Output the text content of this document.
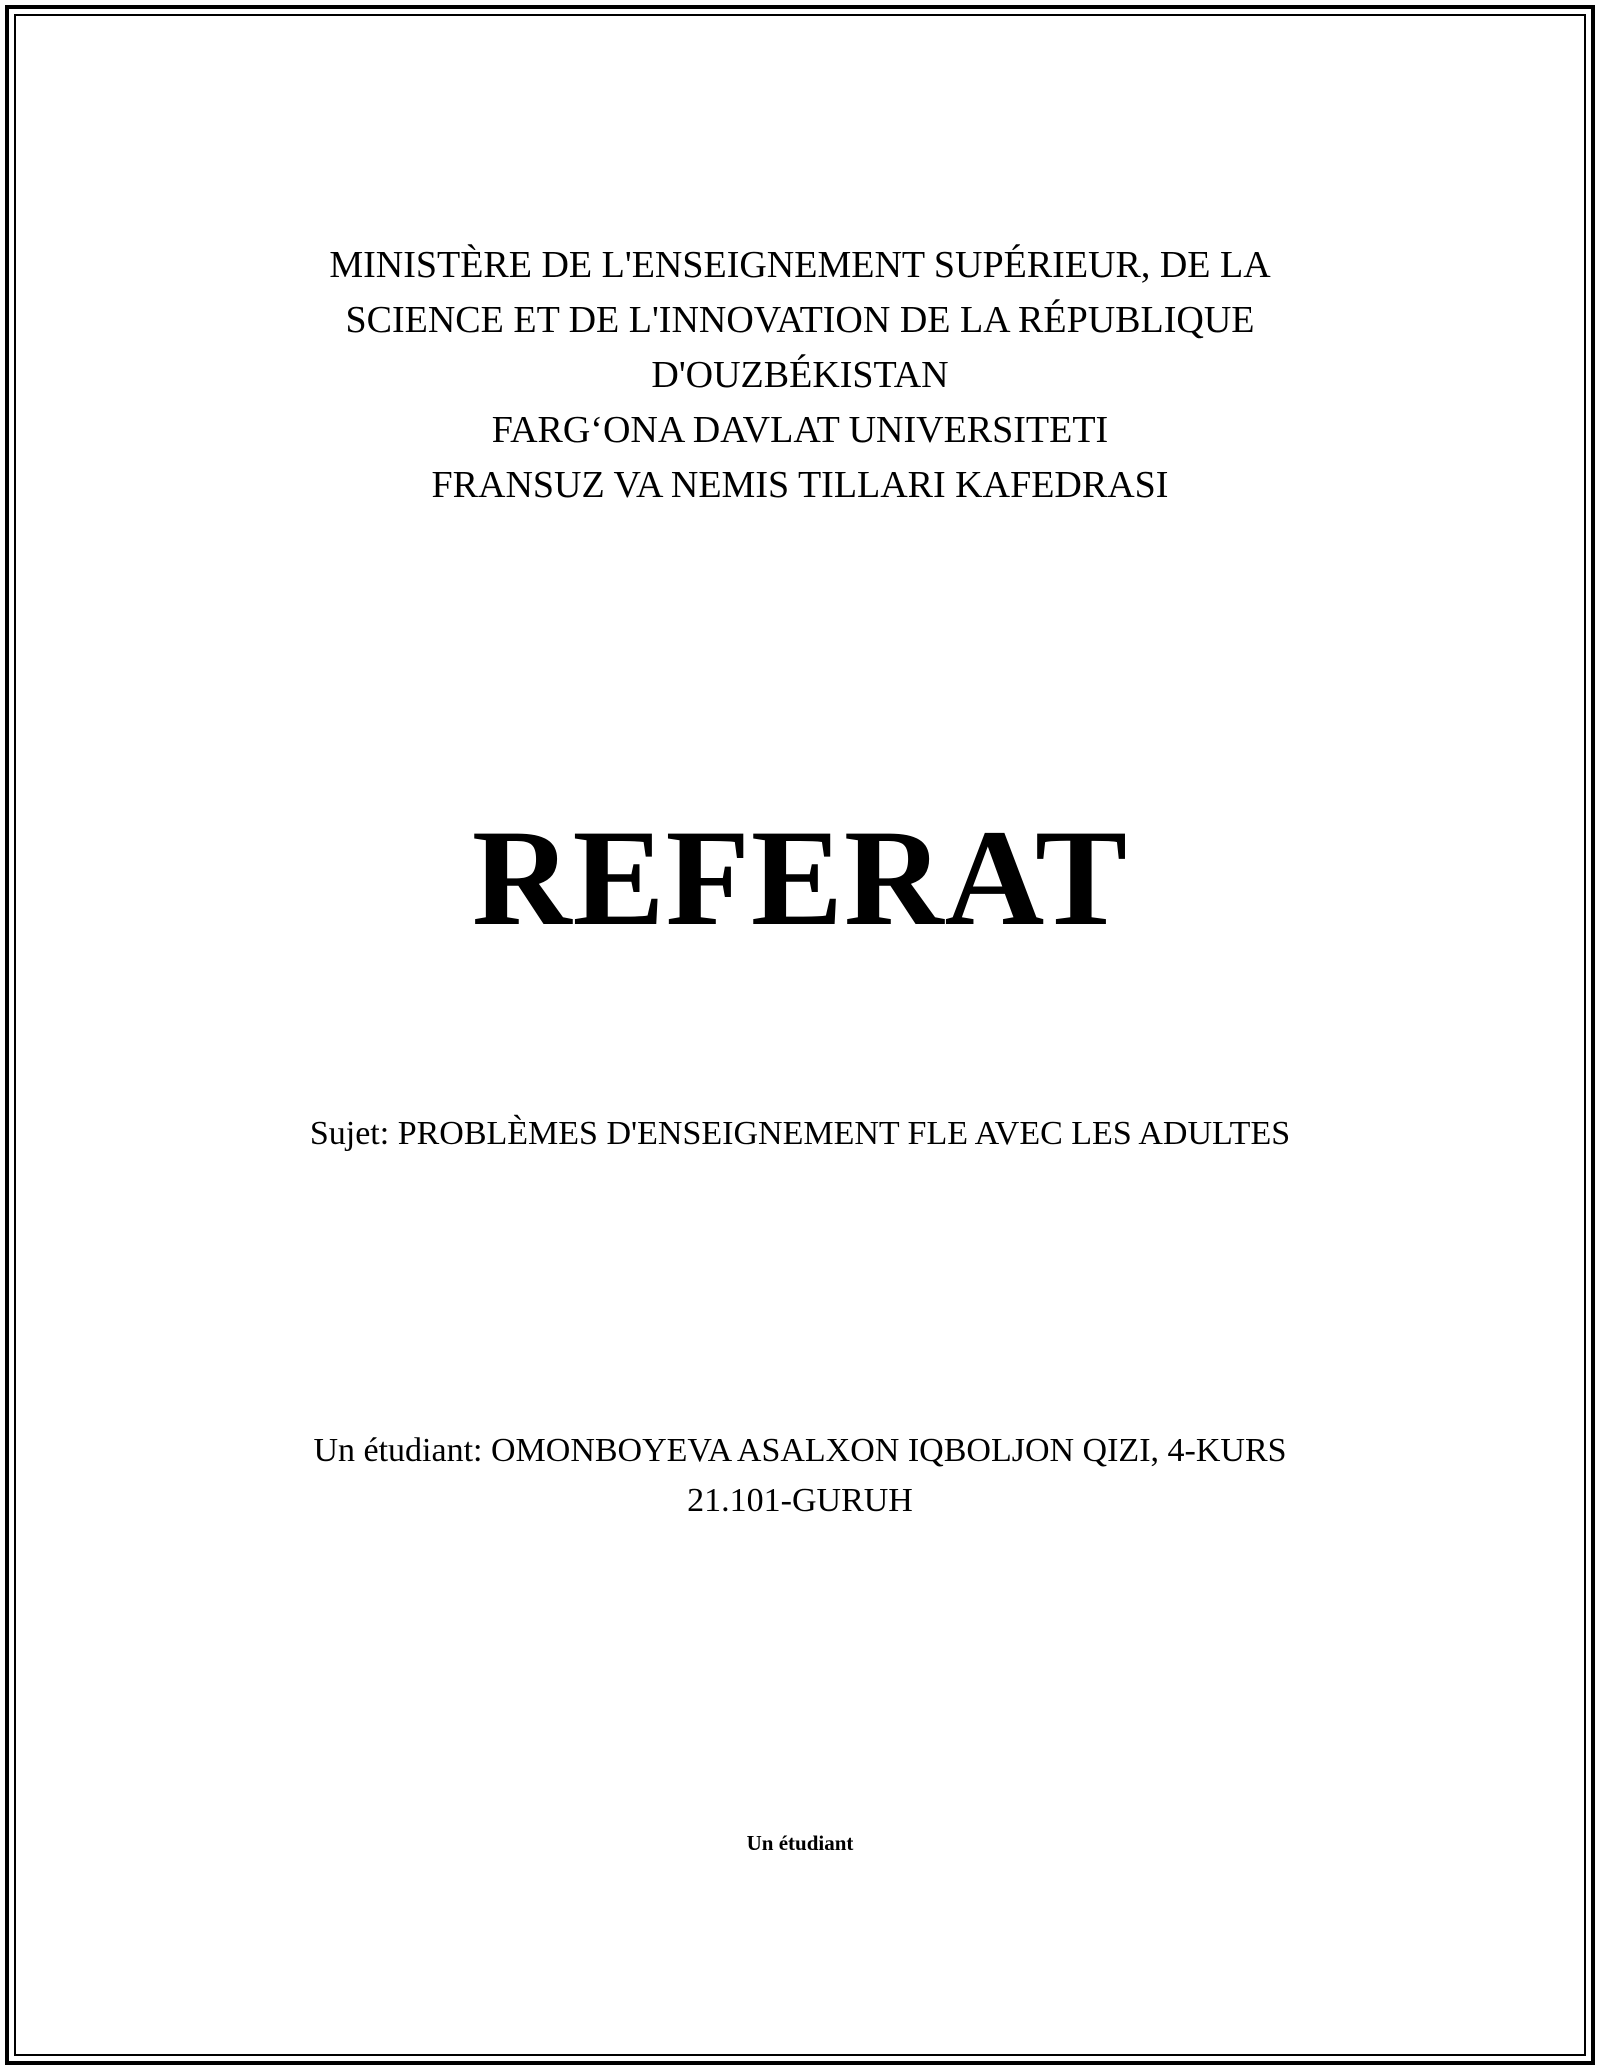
MINISTÈRE DE L'ENSEIGNEMENT SUPÉRIEUR, DE LA
SCIENCE ET DE L'INNOVATION DE LA RÉPUBLIQUE
D'OUZBÉKISTAN
FARG‘ONA DAVLAT UNIVERSITETI
FRANSUZ VA NEMIS TILLARI KAFEDRASI
REFERAT
Sujet: PROBLÈMES D'ENSEIGNEMENT FLE AVEC LES ADULTES
Un étudiant: OMONBOYEVA ASALXON IQBOLJON QIZI, 4-KURS
21.101-GURUH
Un étudiant
